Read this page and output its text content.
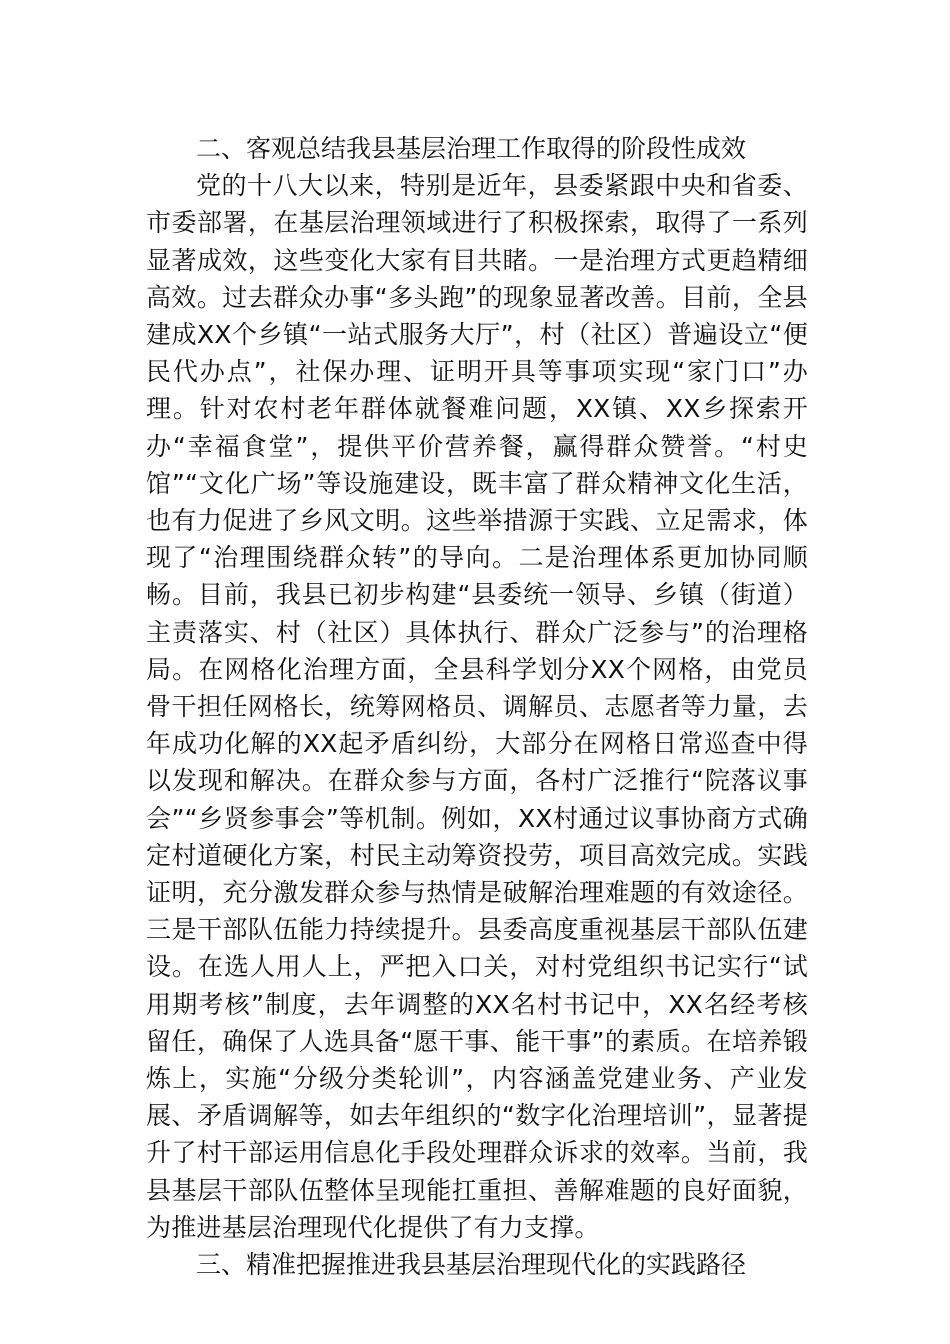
二、客观总结我县基层治理工作取得的阶段性成效

党的十八大以来，特别是近年，县委紧跟中央和省委、市委部署，在基层治理领域进行了积极探索，取得了一系列显著成效，这些变化大家有目共睹。一是治理方式更趋精细高效。过去群众办事“多头跑”的现象显著改善。目前，全县建成XX个乡镇“一站式服务大厅”，村（社区）普遍设立“便民代办点”，社保办理、证明开具等事项实现“家门口”办理。针对农村老年群体就餐难问题，XX镇、XX乡探索开办“幸福食堂”，提供平价营养餐，赢得群众赞誉。“村史馆”“文化广场”等设施建设，既丰富了群众精神文化生活，也有力促进了乡风文明。这些举措源于实践、立足需求，体现了“治理围绕群众转”的导向。二是治理体系更加协同顺畅。目前，我县已初步构建“县委统一领导、乡镇（街道）主责落实、村（社区）具体执行、群众广泛参与”的治理格局。在网格化治理方面，全县科学划分XX个网格，由党员骨干担任网格长，统筹网格员、调解员、志愿者等力量，去年成功化解的XX起矛盾纠纷，大部分在网格日常巡查中得以发现和解决。在群众参与方面，各村广泛推行“院落议事会”“乡贤参事会”等机制。例如，XX村通过议事协商方式确定村道硬化方案，村民主动筹资投劳，项目高效完成。实践证明，充分激发群众参与热情是破解治理难题的有效途径。三是干部队伍能力持续提升。县委高度重视基层干部队伍建设。在选人用人上，严把入口关，对村党组织书记实行“试用期考核”制度，去年调整的XX名村书记中，XX名经考核留任，确保了人选具备“愿干事、能干事”的素质。在培养锻炼上，实施“分级分类轮训”，内容涵盖党建业务、产业发展、矛盾调解等，如去年组织的“数字化治理培训”，显著提升了村干部运用信息化手段处理群众诉求的效率。当前，我县基层干部队伍整体呈现能扛重担、善解难题的良好面貌，为推进基层治理现代化提供了有力支撑。

三、精准把握推进我县基层治理现代化的实践路径
